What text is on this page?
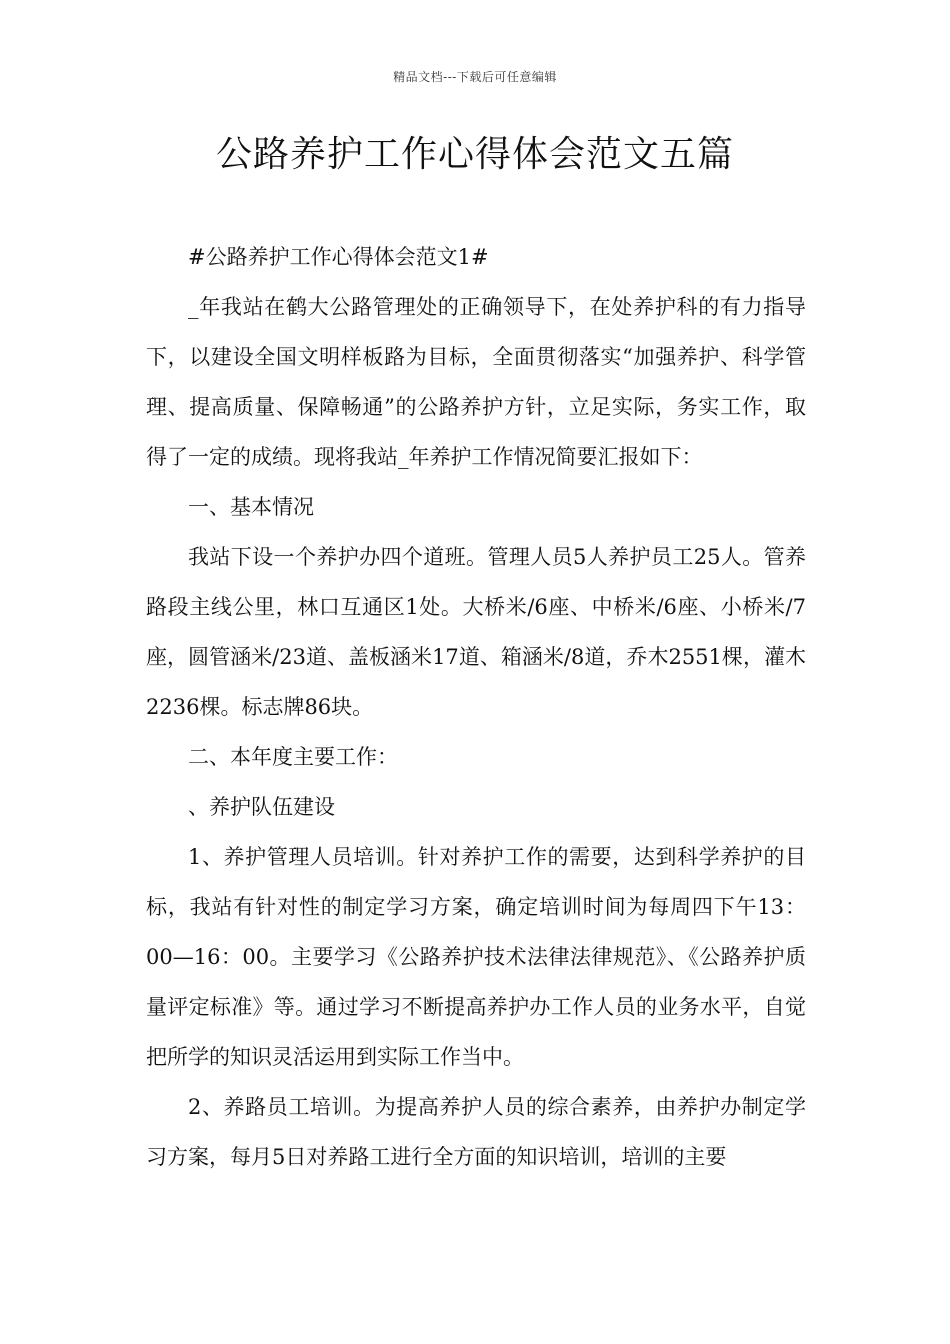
精品文档---下载后可任意编辑
公路养护工作心得体会范文五篇

#公路养护工作心得体会范文1#

_年我站在鹤大公路管理处的正确领导下，在处养护科的有力指导下，以建设全国文明样板路为目标，全面贯彻落实“加强养护、科学管理、提高质量、保障畅通”的公路养护方针，立足实际，务实工作，取得了一定的成绩。现将我站_年养护工作情况简要汇报如下：

一、基本情况

我站下设一个养护办四个道班。管理人员5人养护员工25人。管养路段主线公里，林口互通区1处。大桥米/6座、中桥米/6座、小桥米/7座，圆管涵米/23道、盖板涵米17道、箱涵米/8道，乔木2551棵，灌木2236棵。标志牌86块。

二、本年度主要工作：

、养护队伍建设

1、养护管理人员培训。针对养护工作的需要，达到科学养护的目标，我站有针对性的制定学习方案，确定培训时间为每周四下午13：00—16：00。主要学习《公路养护技术法律法律规范》、《公路养护质量评定标准》等。通过学习不断提高养护办工作人员的业务水平，自觉把所学的知识灵活运用到实际工作当中。

2、养路员工培训。为提高养护人员的综合素养，由养护办制定学习方案，每月5日对养路工进行全方面的知识培训，培训的主要
